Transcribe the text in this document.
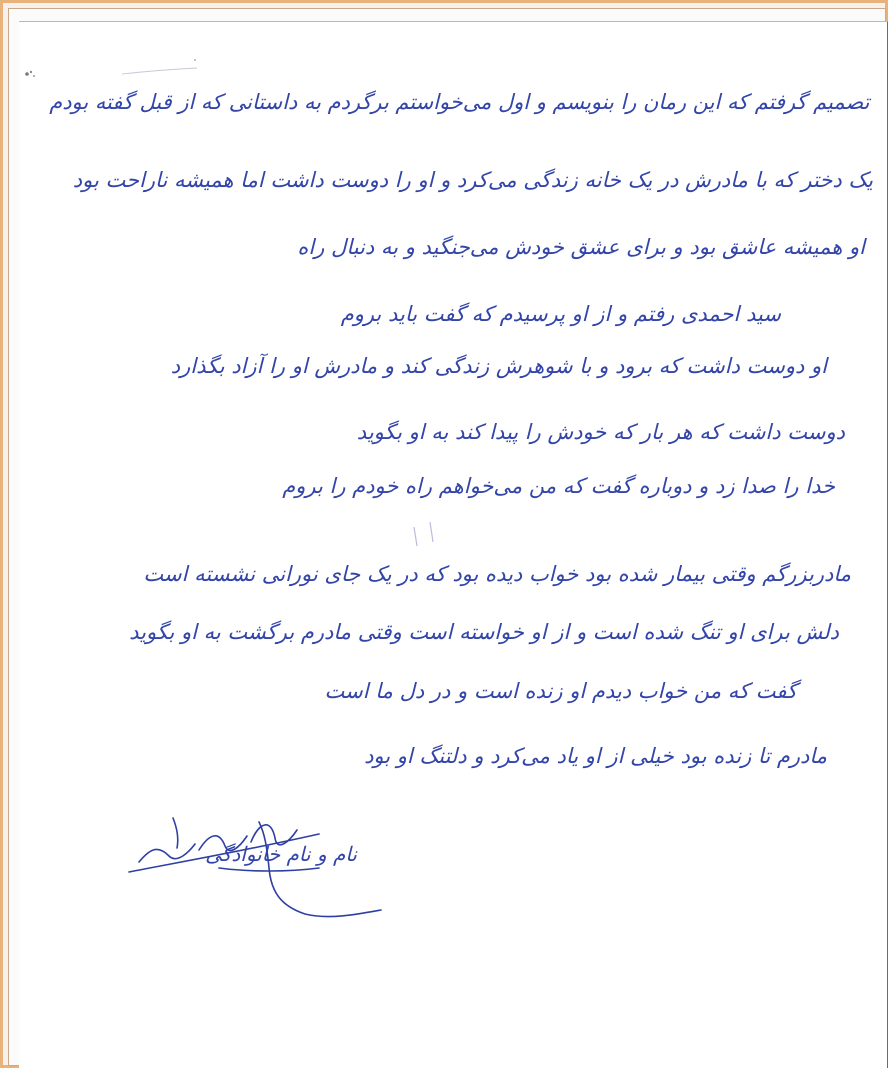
تصمیم گرفتم که این رمان را بنویسم و اول می‌خواستم برگردم به داستانی که از قبل گفته بودم
یک دختر که با مادرش در یک خانه زندگی می‌کرد و او را دوست داشت اما همیشه ناراحت بود
او همیشه عاشق بود و برای عشق خودش می‌جنگید و به دنبال راه
سید احمدی رفتم و از او پرسیدم که گفت باید بروم
او دوست داشت که برود و با شوهرش زندگی کند و مادرش او را آزاد بگذارد
دوست داشت که هر بار که خودش را پیدا کند به او بگوید
خدا را صدا زد و دوباره گفت که من می‌خواهم راه خودم را بروم
مادربزرگم وقتی بیمار شده بود خواب دیده بود که در یک جای نورانی نشسته است
دلش برای او تنگ شده است و از او خواسته است وقتی مادرم برگشت به او بگوید
گفت که من خواب دیدم او زنده است و در دل ما است
مادرم تا زنده بود خیلی از او یاد می‌کرد و دلتنگ او بود
نام و نام خانوادگی
